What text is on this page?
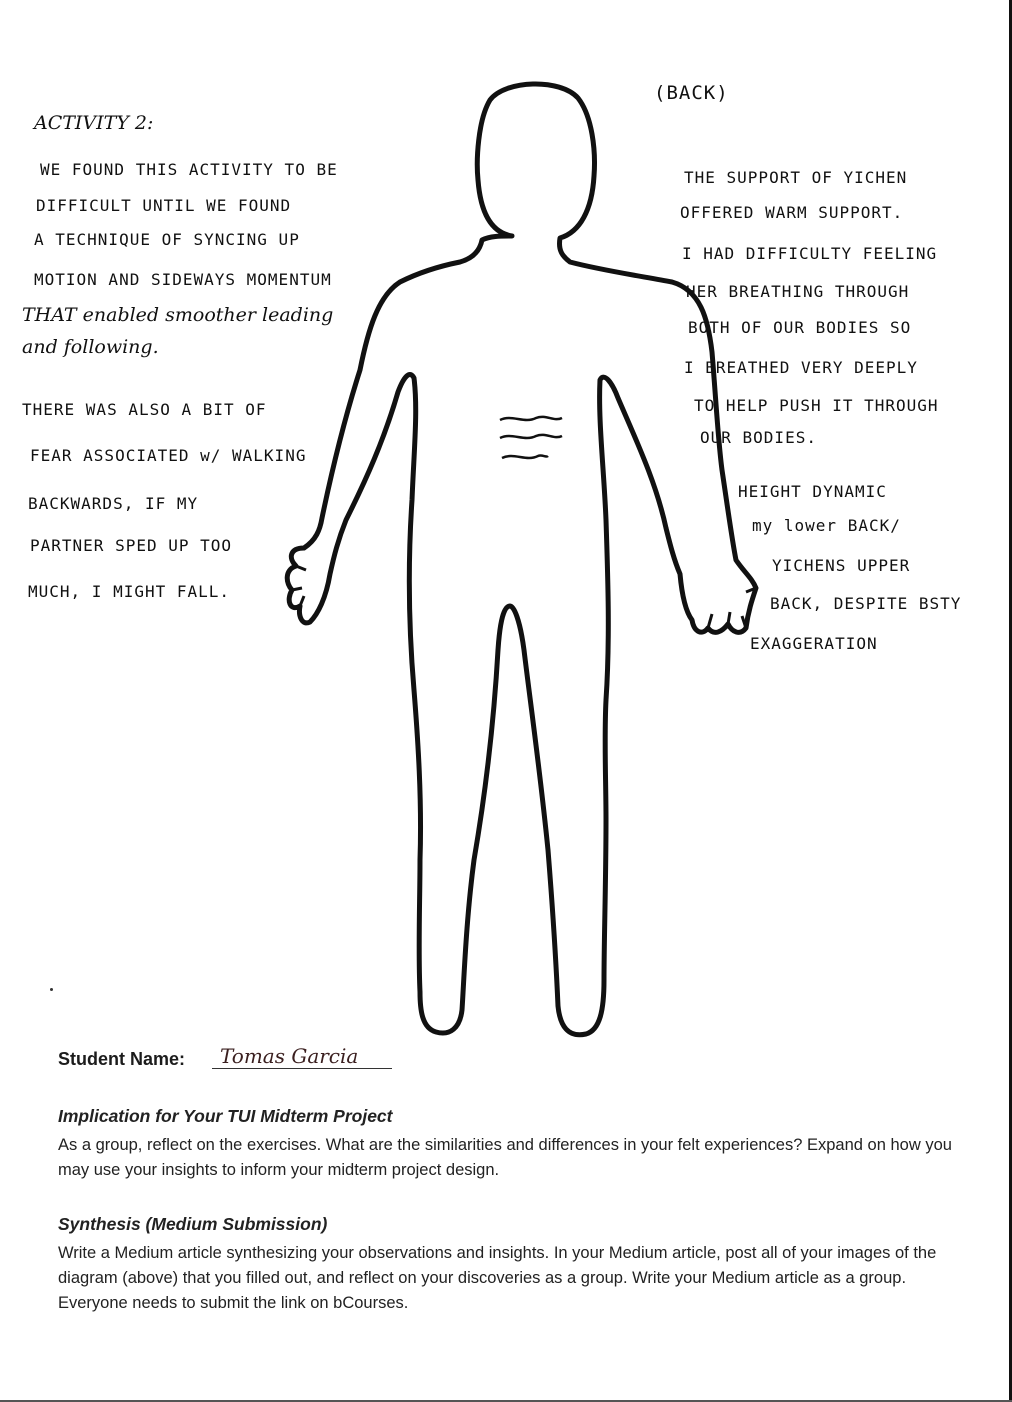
(BACK)
ACTIVITY 2:
WE FOUND THIS ACTIVITY TO BE
DIFFICULT UNTIL WE FOUND
A TECHNIQUE OF SYNCING UP
MOTION AND SIDEWAYS MOMENTUM
THAT enabled smoother leading
and following.
THERE WAS ALSO A BIT OF
FEAR ASSOCIATED w/ WALKING
BACKWARDS, IF MY
PARTNER SPED UP TOO
MUCH, I MIGHT FALL.
THE SUPPORT OF YICHEN
OFFERED WARM SUPPORT.
I HAD DIFFICULTY FEELING
HER BREATHING THROUGH
BOTH OF OUR BODIES SO
I BREATHED VERY DEEPLY
TO HELP PUSH IT THROUGH
OUR BODIES.
HEIGHT DYNAMIC
my lower BACK/
YICHENS UPPER
BACK, DESPITE BSTY
EXAGGERATION
Student Name:	Tomas Garcia
Implication for Your TUI Midterm Project

As a group, reflect on the exercises. What are the similarities and differences in your felt experiences? Expand on how you may use your insights to inform your midterm project design.

Synthesis (Medium Submission)

Write a Medium article synthesizing your observations and insights. In your Medium article, post all of your images of the diagram (above) that you filled out, and reflect on your discoveries as a group. Write your Medium article as a group. Everyone needs to submit the link on bCourses.
